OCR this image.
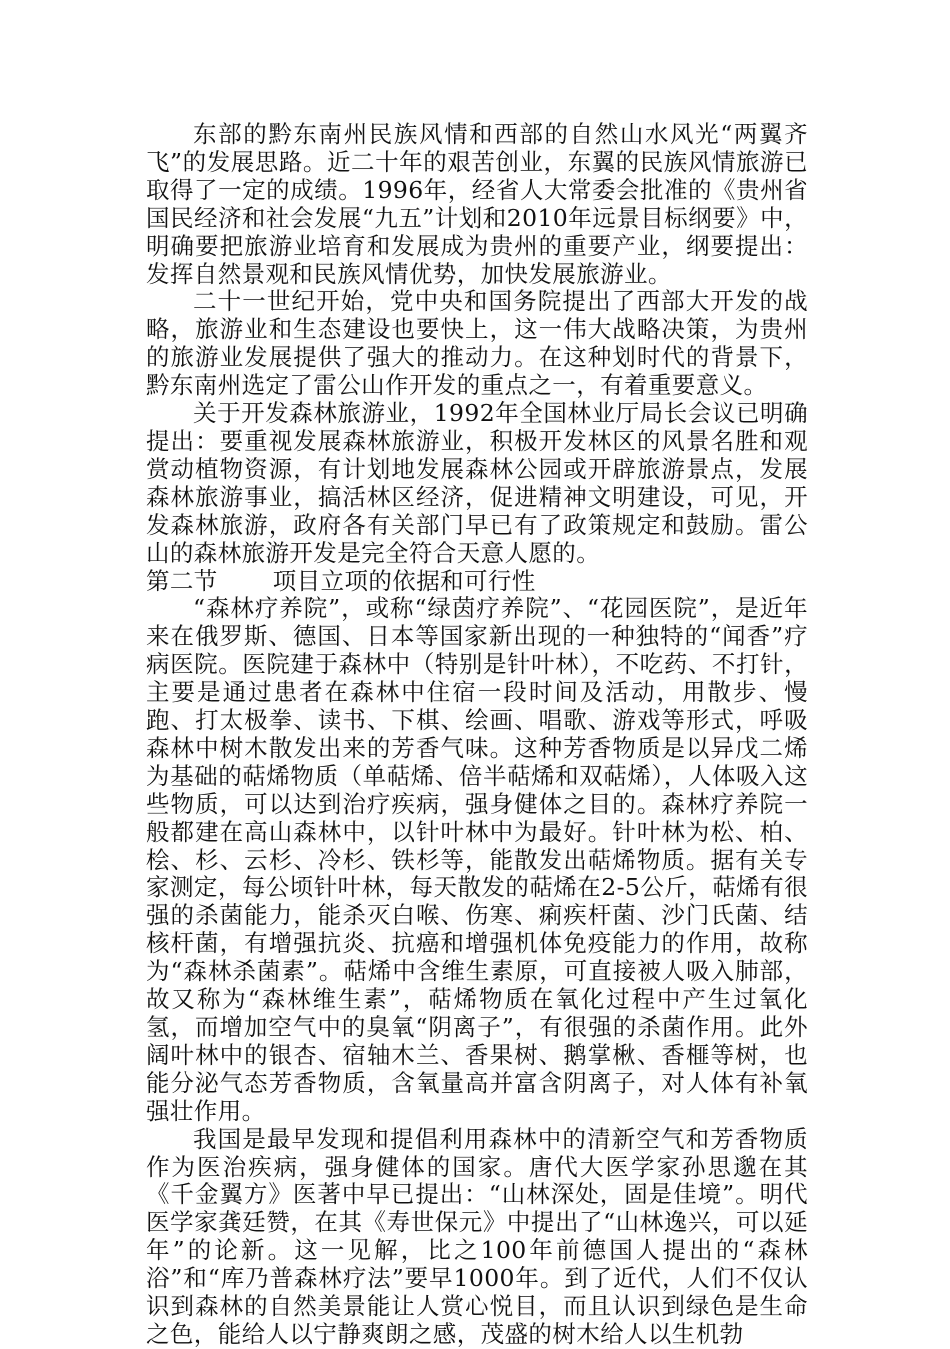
东部的黔东南州民族风情和西部的自然山水风光“两翼齐飞”的发展思路。近二十年的艰苦创业，东翼的民族风情旅游已取得了一定的成绩。1996年，经省人大常委会批准的《贵州省国民经济和社会发展“九五”计划和2010年远景目标纲要》中，明确要把旅游业培育和发展成为贵州的重要产业，纲要提出：发挥自然景观和民族风情优势，加快发展旅游业。

二十一世纪开始，党中央和国务院提出了西部大开发的战略，旅游业和生态建设也要快上，这一伟大战略决策，为贵州的旅游业发展提供了强大的推动力。在这种划时代的背景下，黔东南州选定了雷公山作开发的重点之一，有着重要意义。

关于开发森林旅游业，1992年全国林业厅局长会议已明确提出：要重视发展森林旅游业，积极开发林区的风景名胜和观赏动植物资源，有计划地发展森林公园或开辟旅游景点，发展森林旅游事业，搞活林区经济，促进精神文明建设，可见，开发森林旅游，政府各有关部门早已有了政策规定和鼓励。雷公山的森林旅游开发是完全符合天意人愿的。

第二节 项目立项的依据和可行性

“森林疗养院”，或称“绿茵疗养院”、“花园医院”，是近年来在俄罗斯、德国、日本等国家新出现的一种独特的“闻香”疗病医院。医院建于森林中（特别是针叶林），不吃药、不打针，主要是通过患者在森林中住宿一段时间及活动，用散步、慢跑、打太极拳、读书、下棋、绘画、唱歌、游戏等形式，呼吸森林中树木散发出来的芳香气味。这种芳香物质是以异戊二烯为基础的萜烯物质（单萜烯、倍半萜烯和双萜烯），人体吸入这些物质，可以达到治疗疾病，强身健体之目的。森林疗养院一般都建在高山森林中，以针叶林中为最好。针叶林为松、柏、桧、杉、云杉、冷杉、铁杉等，能散发出萜烯物质。据有关专家测定，每公顷针叶林，每天散发的萜烯在2-5公斤，萜烯有很强的杀菌能力，能杀灭白喉、伤寒、痢疾杆菌、沙门氏菌、结核杆菌，有增强抗炎、抗癌和增强机体免疫能力的作用，故称为“森林杀菌素”。萜烯中含维生素原，可直接被人吸入肺部，故又称为“森林维生素”，萜烯物质在氧化过程中产生过氧化氢，而增加空气中的臭氧“阴离子”，有很强的杀菌作用。此外阔叶林中的银杏、宿轴木兰、香果树、鹅掌楸、香榧等树，也能分泌气态芳香物质，含氧量高并富含阴离子，对人体有补氧强壮作用。

我国是最早发现和提倡利用森林中的清新空气和芳香物质作为医治疾病，强身健体的国家。唐代大医学家孙思邈在其《千金翼方》医著中早已提出：“山林深处，固是佳境”。明代医学家龚廷赞，在其《寿世保元》中提出了“山林逸兴，可以延年”的论新。这一见解，比之100年前德国人提出的“森林浴”和“库乃普森林疗法”要早1000年。到了近代，人们不仅认识到森林的自然美景能让人赏心悦目，而且认识到绿色是生命之色，能给人以宁静爽朗之感，茂盛的树木给人以生机勃
